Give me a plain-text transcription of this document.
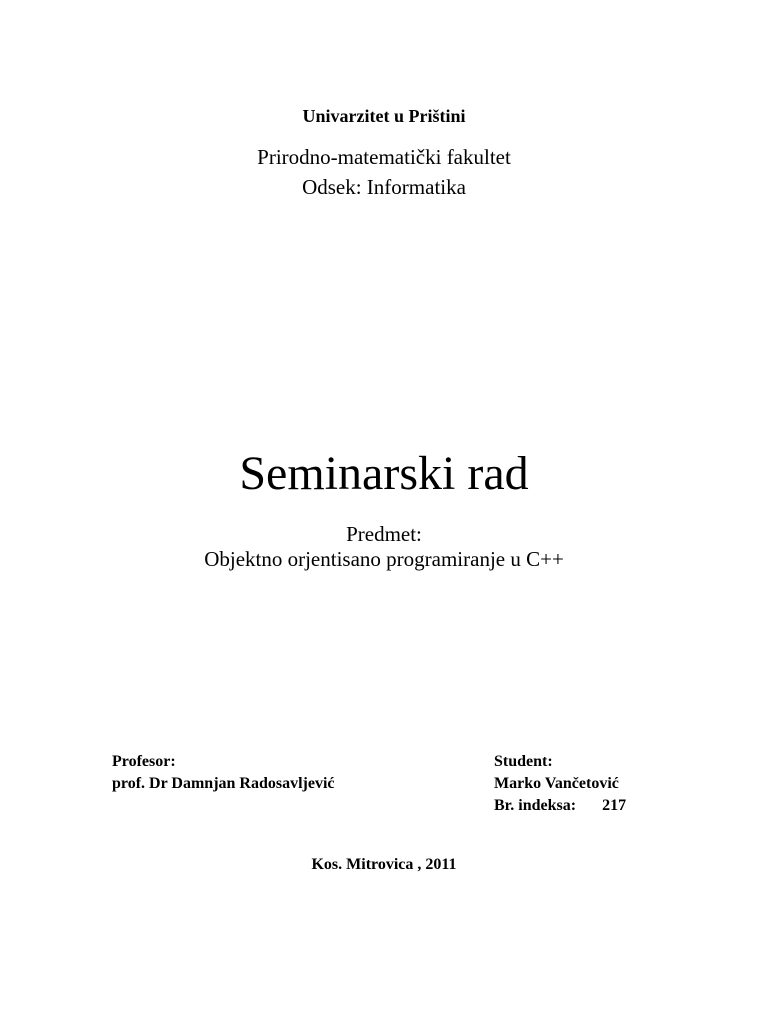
Univarzitet u Prištini
Prirodno-matematički fakultet
Odsek: Informatika
Seminarski rad
Predmet:
Objektno orjentisano programiranje u C++
Profesor:
prof. Dr Damnjan Radosavljević
Student:
Marko Vančetović
Br. indeksa: 217
Kos. Mitrovica , 2011
